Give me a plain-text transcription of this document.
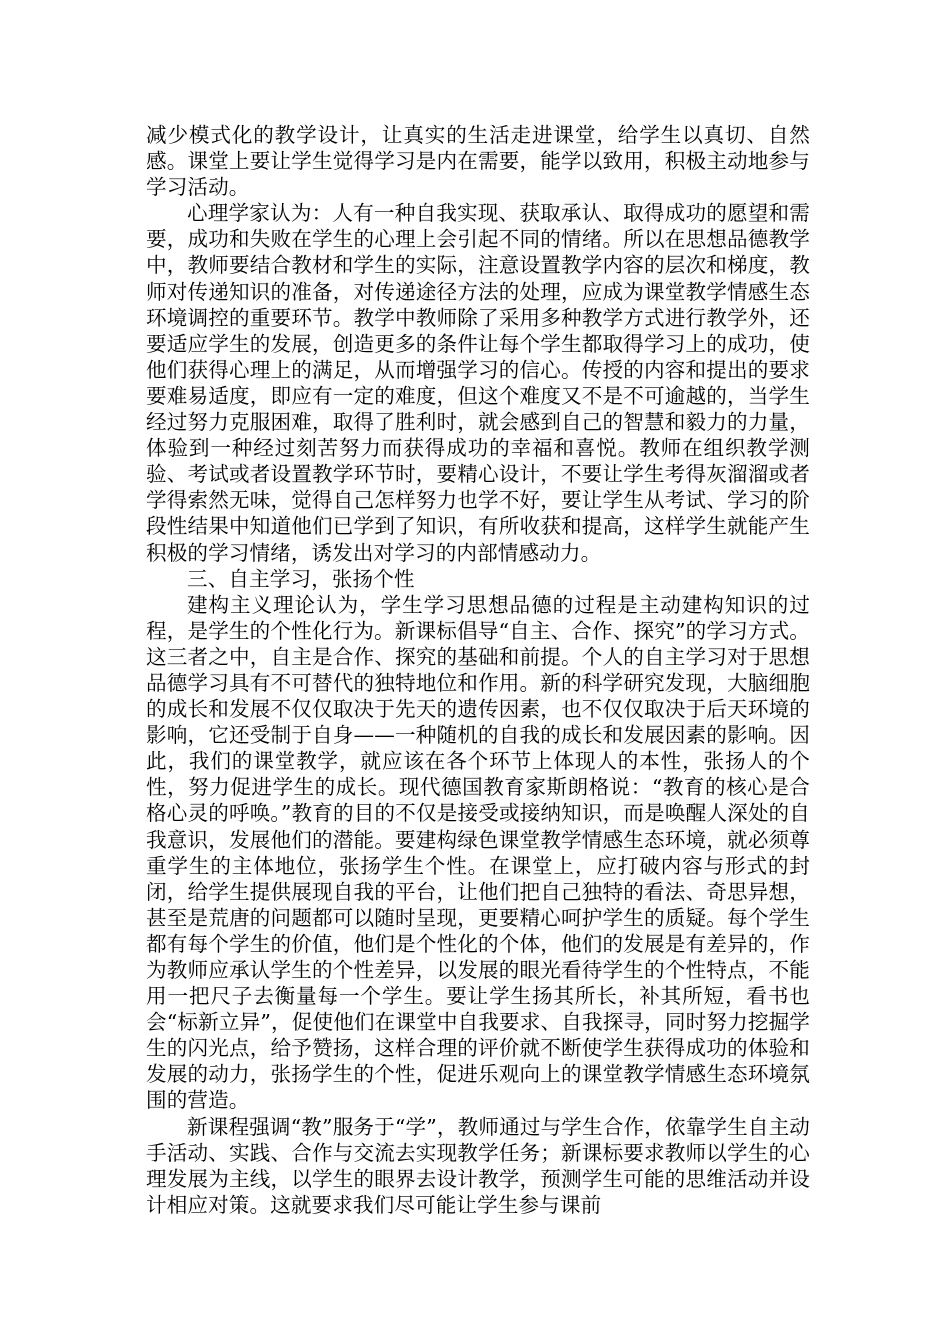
减少模式化的教学设计，让真实的生活走进课堂，给学生以真切、自然感。课堂上要让学生觉得学习是内在需要，能学以致用，积极主动地参与学习活动。

心理学家认为：人有一种自我实现、获取承认、取得成功的愿望和需要，成功和失败在学生的心理上会引起不同的情绪。所以在思想品德教学中，教师要结合教材和学生的实际，注意设置教学内容的层次和梯度，教师对传递知识的准备，对传递途径方法的处理，应成为课堂教学情感生态环境调控的重要环节。教学中教师除了采用多种教学方式进行教学外，还要适应学生的发展，创造更多的条件让每个学生都取得学习上的成功，使他们获得心理上的满足，从而增强学习的信心。传授的内容和提出的要求要难易适度，即应有一定的难度，但这个难度又不是不可逾越的，当学生经过努力克服困难，取得了胜利时，就会感到自己的智慧和毅力的力量，体验到一种经过刻苦努力而获得成功的幸福和喜悦。教师在组织教学测验、考试或者设置教学环节时，要精心设计，不要让学生考得灰溜溜或者学得索然无味，觉得自己怎样努力也学不好，要让学生从考试、学习的阶段性结果中知道他们已学到了知识，有所收获和提高，这样学生就能产生积极的学习情绪，诱发出对学习的内部情感动力。

三、自主学习，张扬个性

建构主义理论认为，学生学习思想品德的过程是主动建构知识的过程，是学生的个性化行为。新课标倡导“自主、合作、探究”的学习方式。这三者之中，自主是合作、探究的基础和前提。个人的自主学习对于思想品德学习具有不可替代的独特地位和作用。新的科学研究发现，大脑细胞的成长和发展不仅仅取决于先天的遗传因素，也不仅仅取决于后天环境的影响，它还受制于自身——一种随机的自我的成长和发展因素的影响。因此，我们的课堂教学，就应该在各个环节上体现人的本性，张扬人的个性，努力促进学生的成长。现代德国教育家斯朗格说：“教育的核心是合格心灵的呼唤。”教育的目的不仅是接受或接纳知识，而是唤醒人深处的自我意识，发展他们的潜能。要建构绿色课堂教学情感生态环境，就必须尊重学生的主体地位，张扬学生个性。在课堂上，应打破内容与形式的封闭，给学生提供展现自我的平台，让他们把自己独特的看法、奇思异想，甚至是荒唐的问题都可以随时呈现，更要精心呵护学生的质疑。每个学生都有每个学生的价值，他们是个性化的个体，他们的发展是有差异的，作为教师应承认学生的个性差异，以发展的眼光看待学生的个性特点，不能用一把尺子去衡量每一个学生。要让学生扬其所长，补其所短，看书也会“标新立异”，促使他们在课堂中自我要求、自我探寻，同时努力挖掘学生的闪光点，给予赞扬，这样合理的评价就不断使学生获得成功的体验和发展的动力，张扬学生的个性，促进乐观向上的课堂教学情感生态环境氛围的营造。

新课程强调“教”服务于“学”，教师通过与学生合作，依靠学生自主动手活动、实践、合作与交流去实现教学任务；新课标要求教师以学生的心理发展为主线，以学生的眼界去设计教学，预测学生可能的思维活动并设计相应对策。这就要求我们尽可能让学生参与课前
